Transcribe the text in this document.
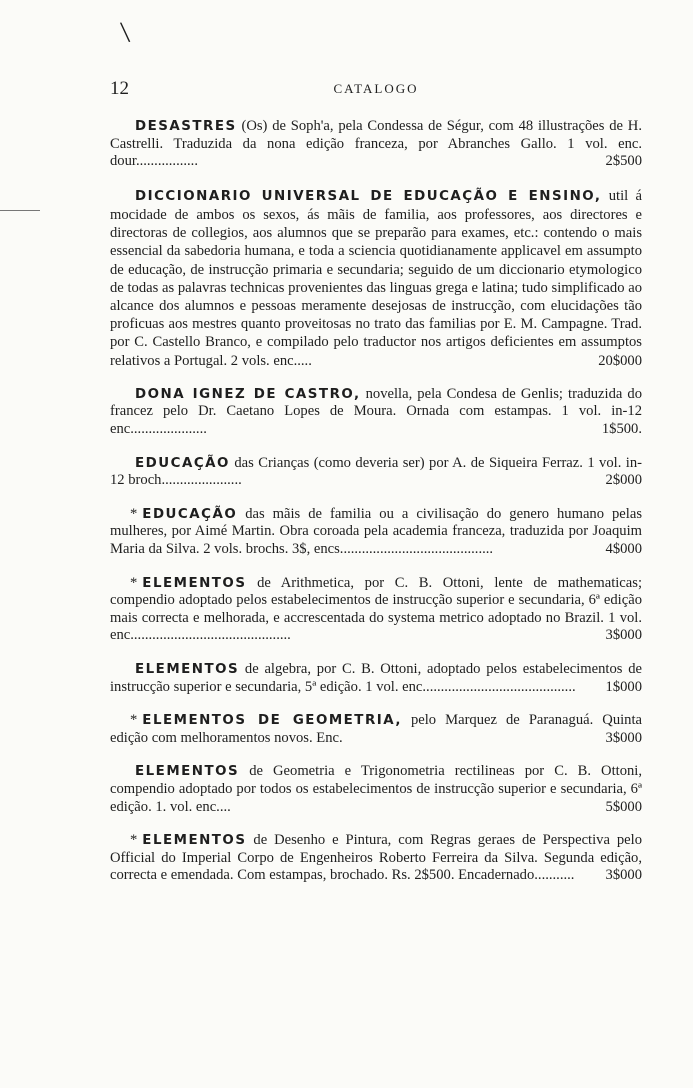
\
12	CATALOGO

DESASTRES (Os) de Soph'a, pela Condessa de Ségur, com 48 illustrações de H. Castrelli. Traduzida da nona edição franceza, por Abranches Gallo. 1 vol. enc. dour.................	2$500

DICCIONARIO UNIVERSAL DE EDUCAÇÃO E ENSINO, util á mocidade de ambos os sexos, ás mãis de familia, aos professores, aos directores e directoras de collegios, aos alumnos que se preparão para exames, etc.: contendo o mais essencial da sabedoria humana, e toda a sciencia quotidianamente applicavel em assumpto de educação, de instrucção primaria e secundaria; seguido de um diccionario etymologico de todas as palavras technicas provenientes das linguas grega e latina; tudo simplificado ao alcance dos alumnos e pessoas meramente desejosas de instrucção, com elucidações tão proficuas aos mestres quanto proveitosas no trato das familias por E. M. Campagne. Trad. por C. Castello Branco, e compilado pelo traductor nos artigos deficientes em assumptos relativos a Portugal. 2 vols. enc.....	20$000

DONA IGNEZ DE CASTRO, novella, pela Condesa de Genlis; traduzida do francez pelo Dr. Caetano Lopes de Moura. Ornada com estampas. 1 vol. in-12 enc.....................	1$500.

EDUCAÇÃO das Crianças (como deveria ser) por A. de Siqueira Ferraz. 1 vol. in-12 broch......................	2$000

* EDUCAÇÃO das mãis de familia ou a civilisação do genero humano pelas mulheres, por Aimé Martin. Obra coroada pela academia franceza, traduzida por Joaquim Maria da Silva. 2 vols. brochs. 3$, encs..........................................	4$000

* ELEMENTOS de Arithmetica, por C. B. Ottoni, lente de mathematicas; compendio adoptado pelos estabelecimentos de instrucção superior e secundaria, 6ª edição mais correcta e melhorada, e accrescentada do systema metrico adoptado no Brazil. 1 vol. enc............................................	3$000

ELEMENTOS de algebra, por C. B. Ottoni, adoptado pelos estabelecimentos de instrucção superior e secundaria, 5ª edição. 1 vol. enc..........................................	1$000

* ELEMENTOS DE GEOMETRIA, pelo Marquez de Paranaguá. Quinta edição com melhoramentos novos. Enc.	3$000

ELEMENTOS de Geometria e Trigonometria rectilineas por C. B. Ottoni, compendio adoptado por todos os estabelecimentos de instrucção superior e secundaria, 6ª edição. 1. vol. enc....	5$000

* ELEMENTOS de Desenho e Pintura, com Regras geraes de Perspectiva pelo Official do Imperial Corpo de Engenheiros Roberto Ferreira da Silva. Segunda edição, correcta e emendada. Com estampas, brochado. Rs. 2$500. Encadernado...........	3$000
